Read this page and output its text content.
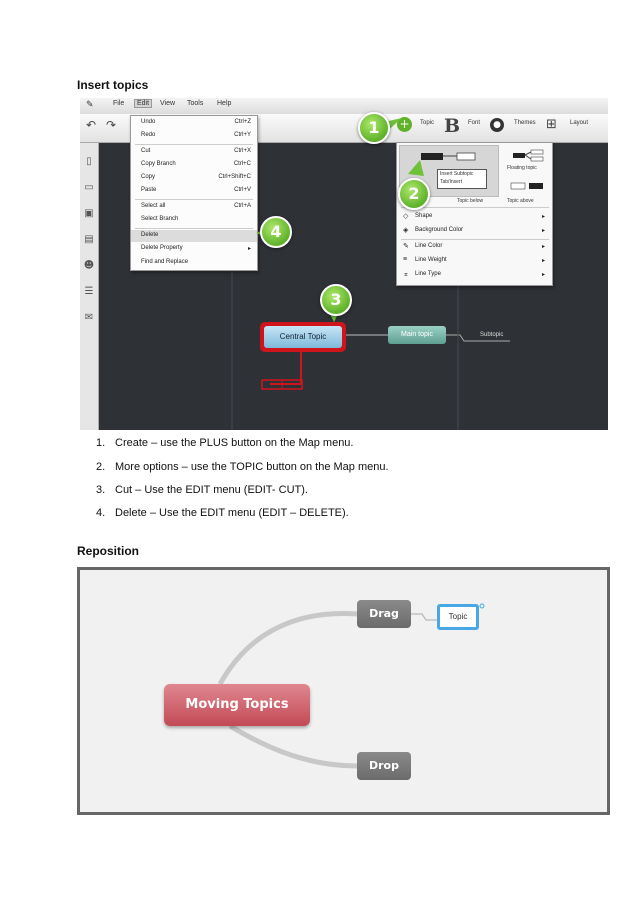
Insert topics
✎	File	Edit	View Tools Help
↶ ↷	+	Topic B Font	●	Themes ⊞ Layout
▯
▭
▣
▤
☻
☰
✉
Undo	Ctrl+Z
Redo	Ctrl+Y
Cut	Ctrl+X
Copy Branch	Ctrl+C
Copy	Ctrl+Shift+C
Paste	Ctrl+V
Select all	Ctrl+A
Select Branch
Delete
Delete Property	▸
Find and Replace
Insert Subtopic
Tab/Insert
Floating topic
Topic below	Topic above
◇ Shape	▸
◈ Background Color	▸
✎ Line Color	▸
≡ Line Weight	▸
⌅ Line Type	▸
Central Topic	Main topic	Subtopic
1
2
3
4
1. Create – use the PLUS button on the Map menu.
2. More options – use the TOPIC button on the Map menu.
3. Cut – Use the EDIT menu (EDIT- CUT).
4. Delete – Use the EDIT menu (EDIT – DELETE).
Reposition
Moving Topics
Drag
Drop
Topic
